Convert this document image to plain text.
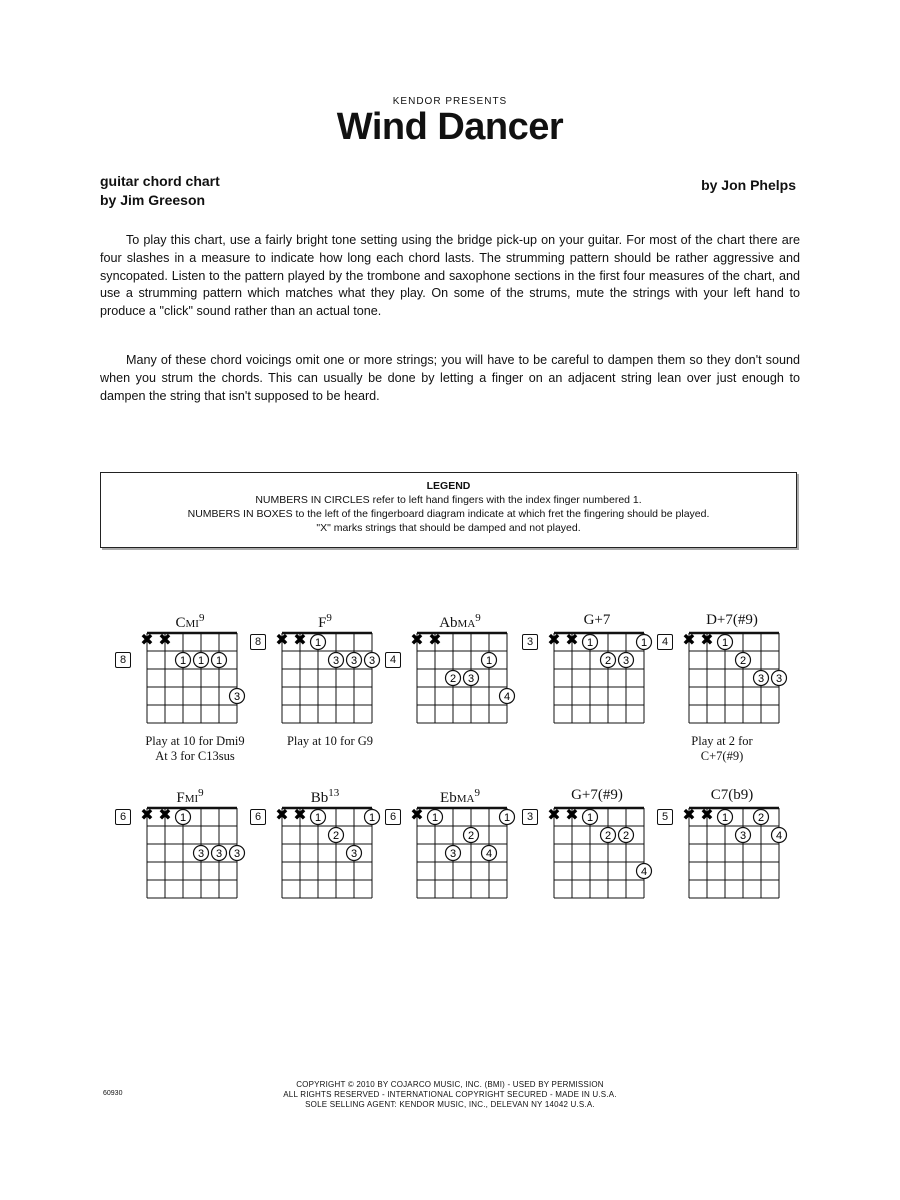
KENDOR PRESENTS
Wind Dancer
guitar chord chart
by Jim Greeson
by Jon Phelps

To play this chart, use a fairly bright tone setting using the bridge pick-up on your guitar. For most of the chart there are four slashes in a measure to indicate how long each chord lasts. The strumming pattern should be rather aggressive and syncopated. Listen to the pattern played by the trombone and saxophone sections in the first four measures of the chart, and use a strumming pattern which matches what they play. On some of the strums, mute the strings with your left hand to produce a "click" sound rather than an actual tone.

Many of these chord voicings omit one or more strings; you will have to be careful to dampen them so they don't sound when you strum the chords. This can usually be done by letting a finger on an adjacent string lean over just enough to dampen the string that isn't supposed to be heard.

LEGEND
NUMBERS IN CIRCLES refer to left hand fingers with the index finger numbered 1.
NUMBERS IN BOXES to the left of the fingerboard diagram indicate at which fret the fingering should be played.
"X" marks strings that should be damped and not played.
CMI$^9$
✖ ✖
1 1 1
3
8
Play at 10 for Dmi9
At 3 for C13sus
$F^9$
✖ ✖ 1
3 3 3
8
Play at 10 for G9
AbMA$^9$
✖ ✖
1
2 3
4
4
G+7
✖ ✖ 1	1
2 3
3
D+7(#9)
✖ ✖ 1
2
3 3
4
Play at 2 for
C+7(#9)
FMI$^9$
✖ ✖ 1
3 3 3
6
Bb$^{13}$
✖ ✖ 1	1
2
3
6
EbMA$^9$
✖ 1	1
2
3	4
6
G+7(#9)
✖ ✖ 1
2 2
4
3
C7(b9)
✖ ✖ 1	2
3	4
5
60930
COPYRIGHT © 2010 BY COJARCO MUSIC, INC. (BMI) - USED BY PERMISSION
ALL RIGHTS RESERVED - INTERNATIONAL COPYRIGHT SECURED - MADE IN U.S.A.
SOLE SELLING AGENT: KENDOR MUSIC, INC., DELEVAN NY 14042 U.S.A.
